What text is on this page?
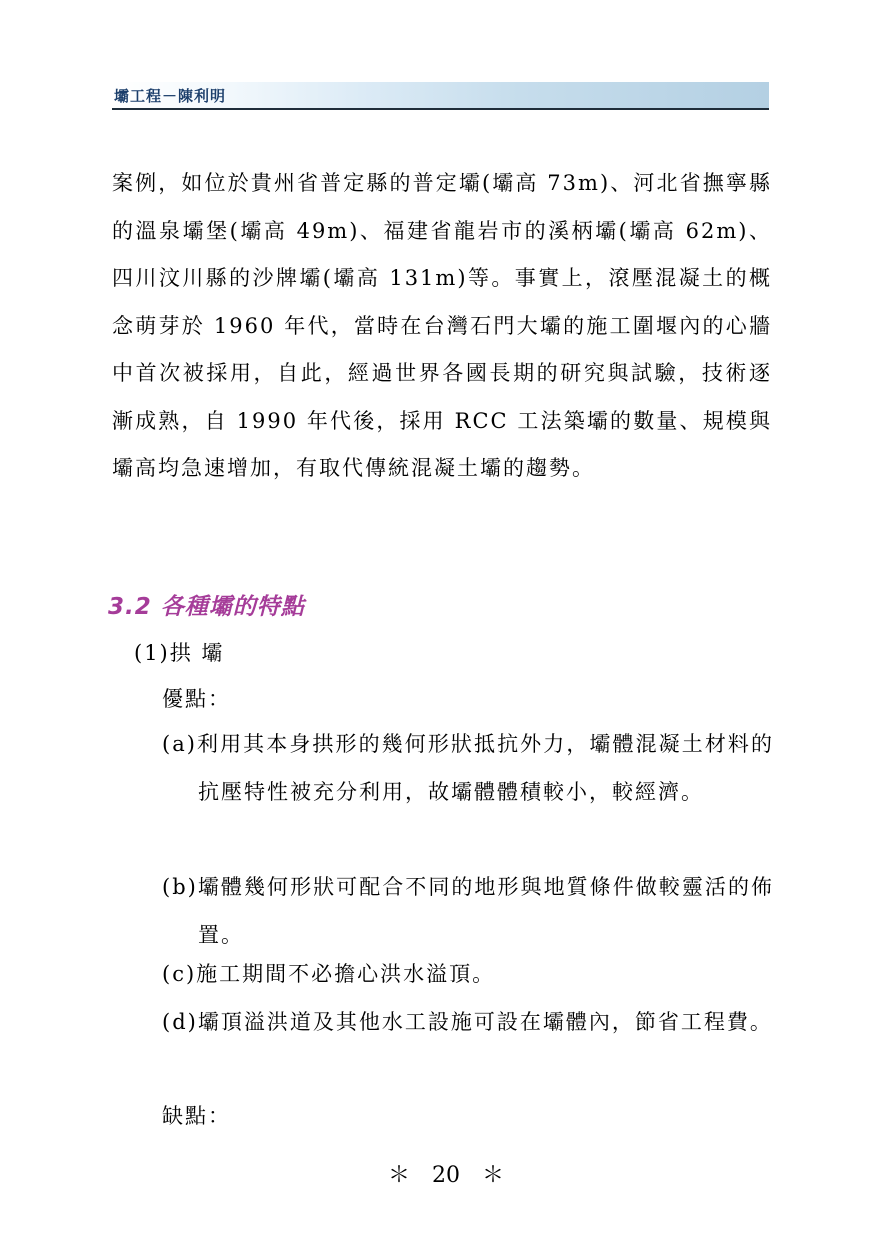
壩工程－陳利明

案例，如位於貴州省普定縣的普定壩(壩高 73m)、河北省撫寧縣的溫泉壩堡(壩高 49m)、福建省龍岩市的溪柄壩(壩高 62m)、四川汶川縣的沙牌壩(壩高 131m)等。事實上，滾壓混凝土的概念萌芽於 1960 年代，當時在台灣石門大壩的施工圍堰內的心牆中首次被採用，自此，經過世界各國長期的研究與試驗，技術逐漸成熟，自 1990 年代後，採用 RCC 工法築壩的數量、規模與壩高均急速增加，有取代傳統混凝土壩的趨勢。

3.2 各種壩的特點
(1)拱 壩
優點：
(a)利用其本身拱形的幾何形狀抵抗外力，壩體混凝土材料的抗壓特性被充分利用，故壩體體積較小，較經濟。
(b)壩體幾何形狀可配合不同的地形與地質條件做較靈活的佈置。
(c)施工期間不必擔心洪水溢頂。
(d)壩頂溢洪道及其他水工設施可設在壩體內，節省工程費。
缺點：
＊　20　＊
